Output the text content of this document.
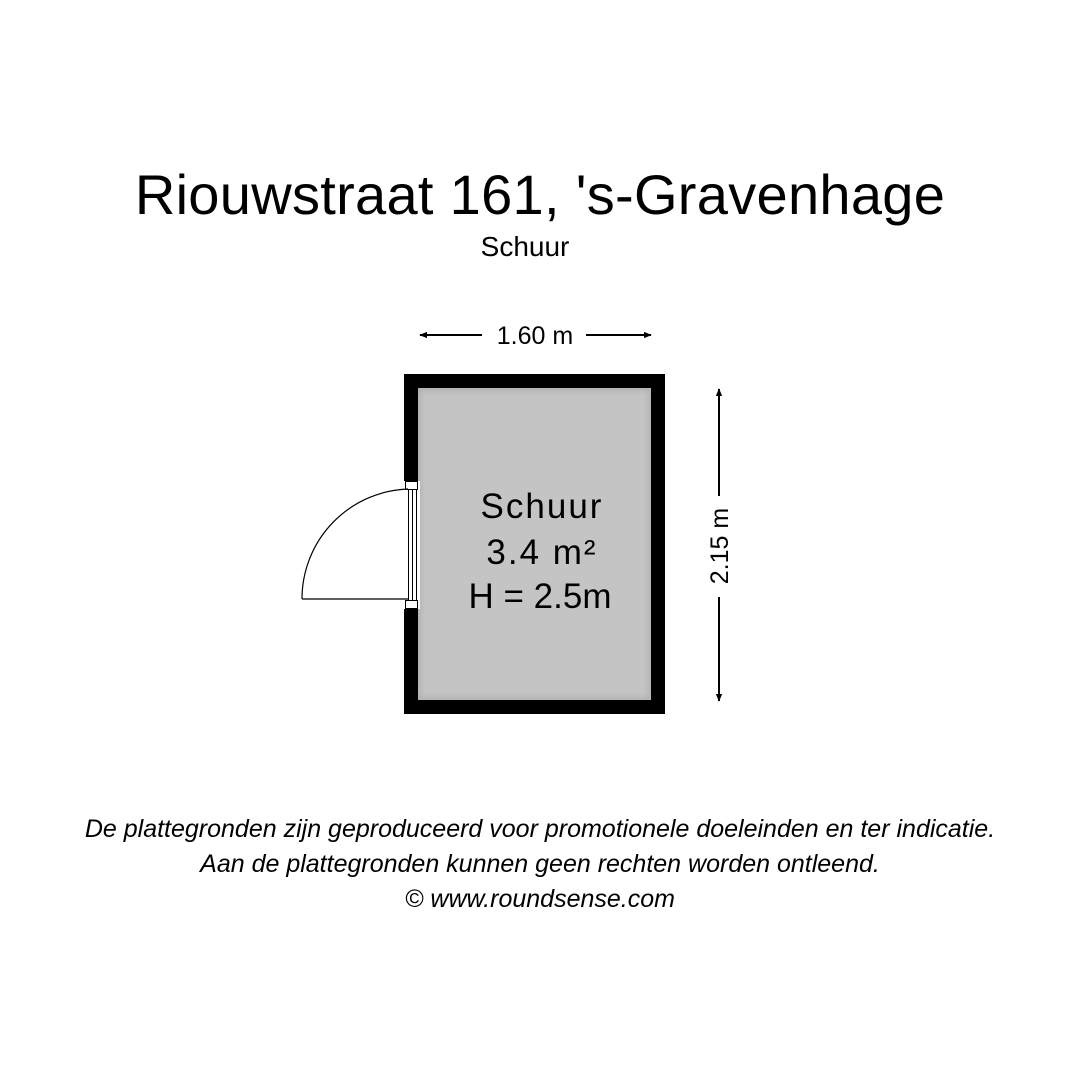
Riouwstraat 161, 's-Gravenhage
Schuur
1.60 m
2.15 m
Schuur
3.4 m²
H = 2.5m
De plattegronden zijn geproduceerd voor promotionele doeleinden en ter indicatie.
Aan de plattegronden kunnen geen rechten worden ontleend.
© www.roundsense.com
